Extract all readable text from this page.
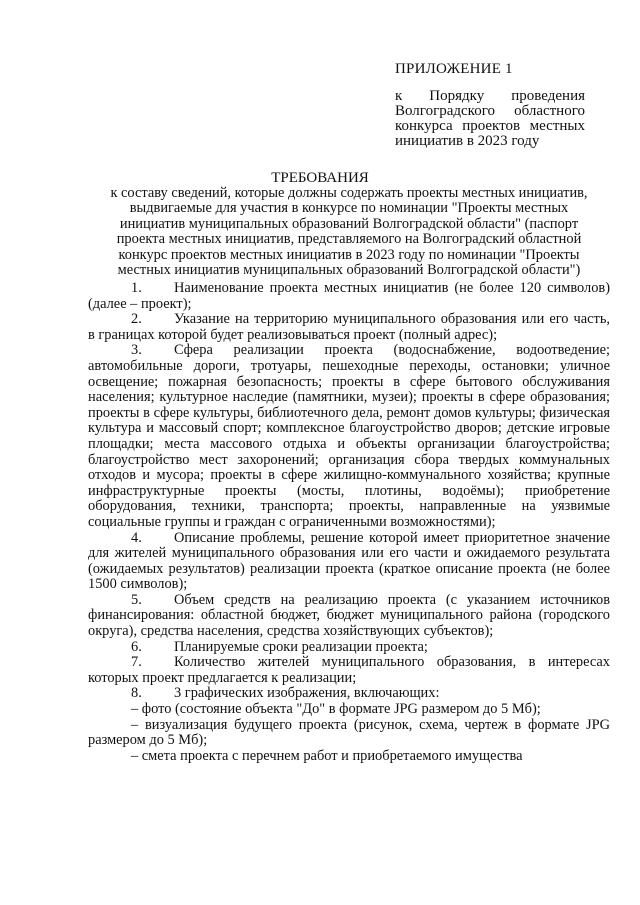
ПРИЛОЖЕНИЕ 1
к Порядку проведения
Волгоградского областного
конкурса проектов местных
инициатив в 2023 году
ТРЕБОВАНИЯ
к составу сведений, которые должны содержать проекты местных инициатив,
выдвигаемые для участия в конкурсе по номинации "Проекты местных
инициатив муниципальных образований Волгоградской области" (паспорт
проекта местных инициатив, представляемого на Волгоградский областной
конкурс проектов местных инициатив в 2023 году по номинации "Проекты
местных инициатив муниципальных образований Волгоградской области")

1. Наименование проекта местных инициатив (не более 120 символов) (далее – проект);

2. Указание на территорию муниципального образования или его часть, в границах которой будет реализовываться проект (полный адрес);

3. Сфера реализации проекта (водоснабжение, водоотведение; автомобильные дороги, тротуары, пешеходные переходы, остановки; уличное освещение; пожарная безопасность; проекты в сфере бытового обслуживания населения; культурное наследие (памятники, музеи); проекты в сфере образования; проекты в сфере культуры, библиотечного дела, ремонт домов культуры; физическая культура и массовый спорт; комплексное благоустройство дворов; детские игровые площадки; места массового отдыха и объекты организации благоустройства; благоустройство мест захоронений; организация сбора твердых коммунальных отходов и мусора; проекты в сфере жилищно-коммунального хозяйства; крупные инфраструктурные проекты (мосты, плотины, водоёмы); приобретение оборудования, техники, транспорта; проекты, направленные на уязвимые социальные группы и граждан с ограниченными возможностями);

4. Описание проблемы, решение которой имеет приоритетное значение для жителей муниципального образования или его части и ожидаемого результата (ожидаемых результатов) реализации проекта (краткое описание проекта (не более 1500 символов);

5. Объем средств на реализацию проекта (с указанием источников финансирования: областной бюджет, бюджет муниципального района (городского округа), средства населения, средства хозяйствующих субъектов);

6. Планируемые сроки реализации проекта;

7. Количество жителей муниципального образования, в интересах которых проект предлагается к реализации;

8. 3 графических изображения, включающих:

– фото (состояние объекта "До" в формате JPG размером до 5 Мб);

– визуализация будущего проекта (рисунок, схема, чертеж в формате JPG размером до 5 Мб);

– смета проекта с перечнем работ и приобретаемого имущества
